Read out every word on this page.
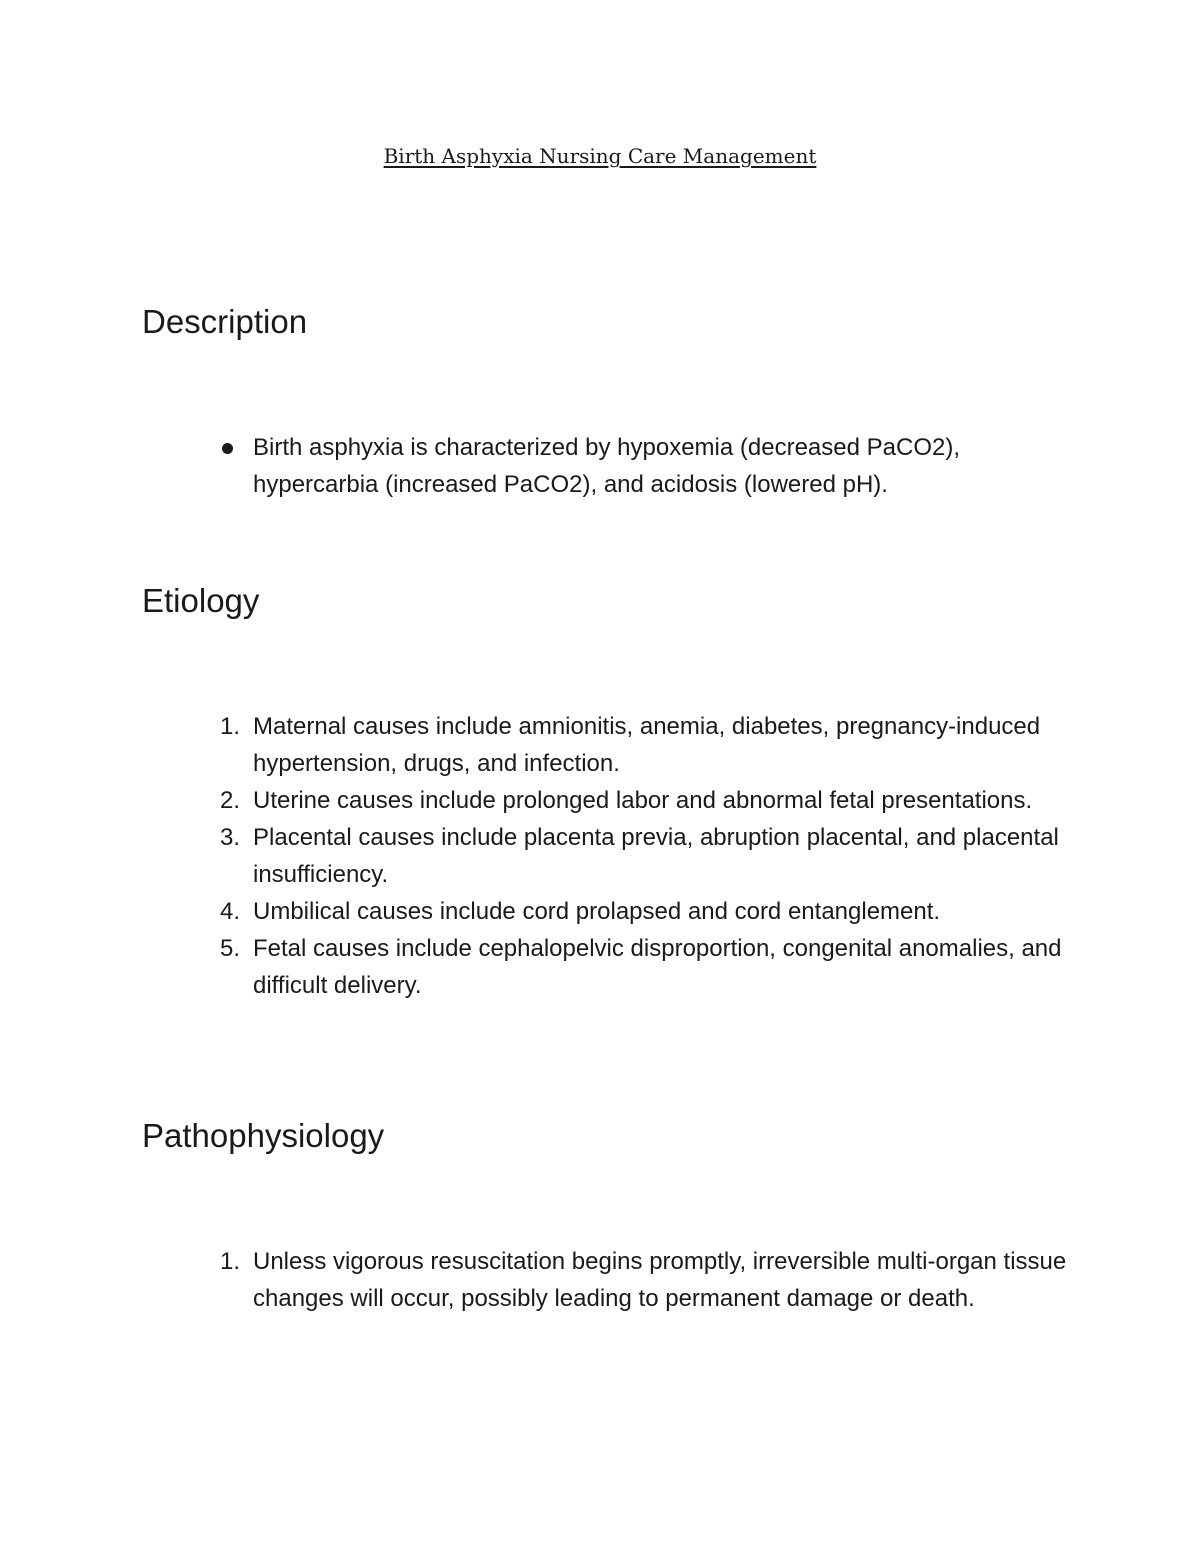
Birth Asphyxia Nursing Care Management
Description
Birth asphyxia is characterized by hypoxemia (decreased PaCO2), hypercarbia (increased PaCO2), and acidosis (lowered pH).
Etiology
1. Maternal causes include amnionitis, anemia, diabetes, pregnancy-induced hypertension, drugs, and infection.
2. Uterine causes include prolonged labor and abnormal fetal presentations.
3. Placental causes include placenta previa, abruption placental, and placental insufficiency.
4. Umbilical causes include cord prolapsed and cord entanglement.
5. Fetal causes include cephalopelvic disproportion, congenital anomalies, and difficult delivery.
Pathophysiology
1. Unless vigorous resuscitation begins promptly, irreversible multi-organ tissue changes will occur, possibly leading to permanent damage or death.
